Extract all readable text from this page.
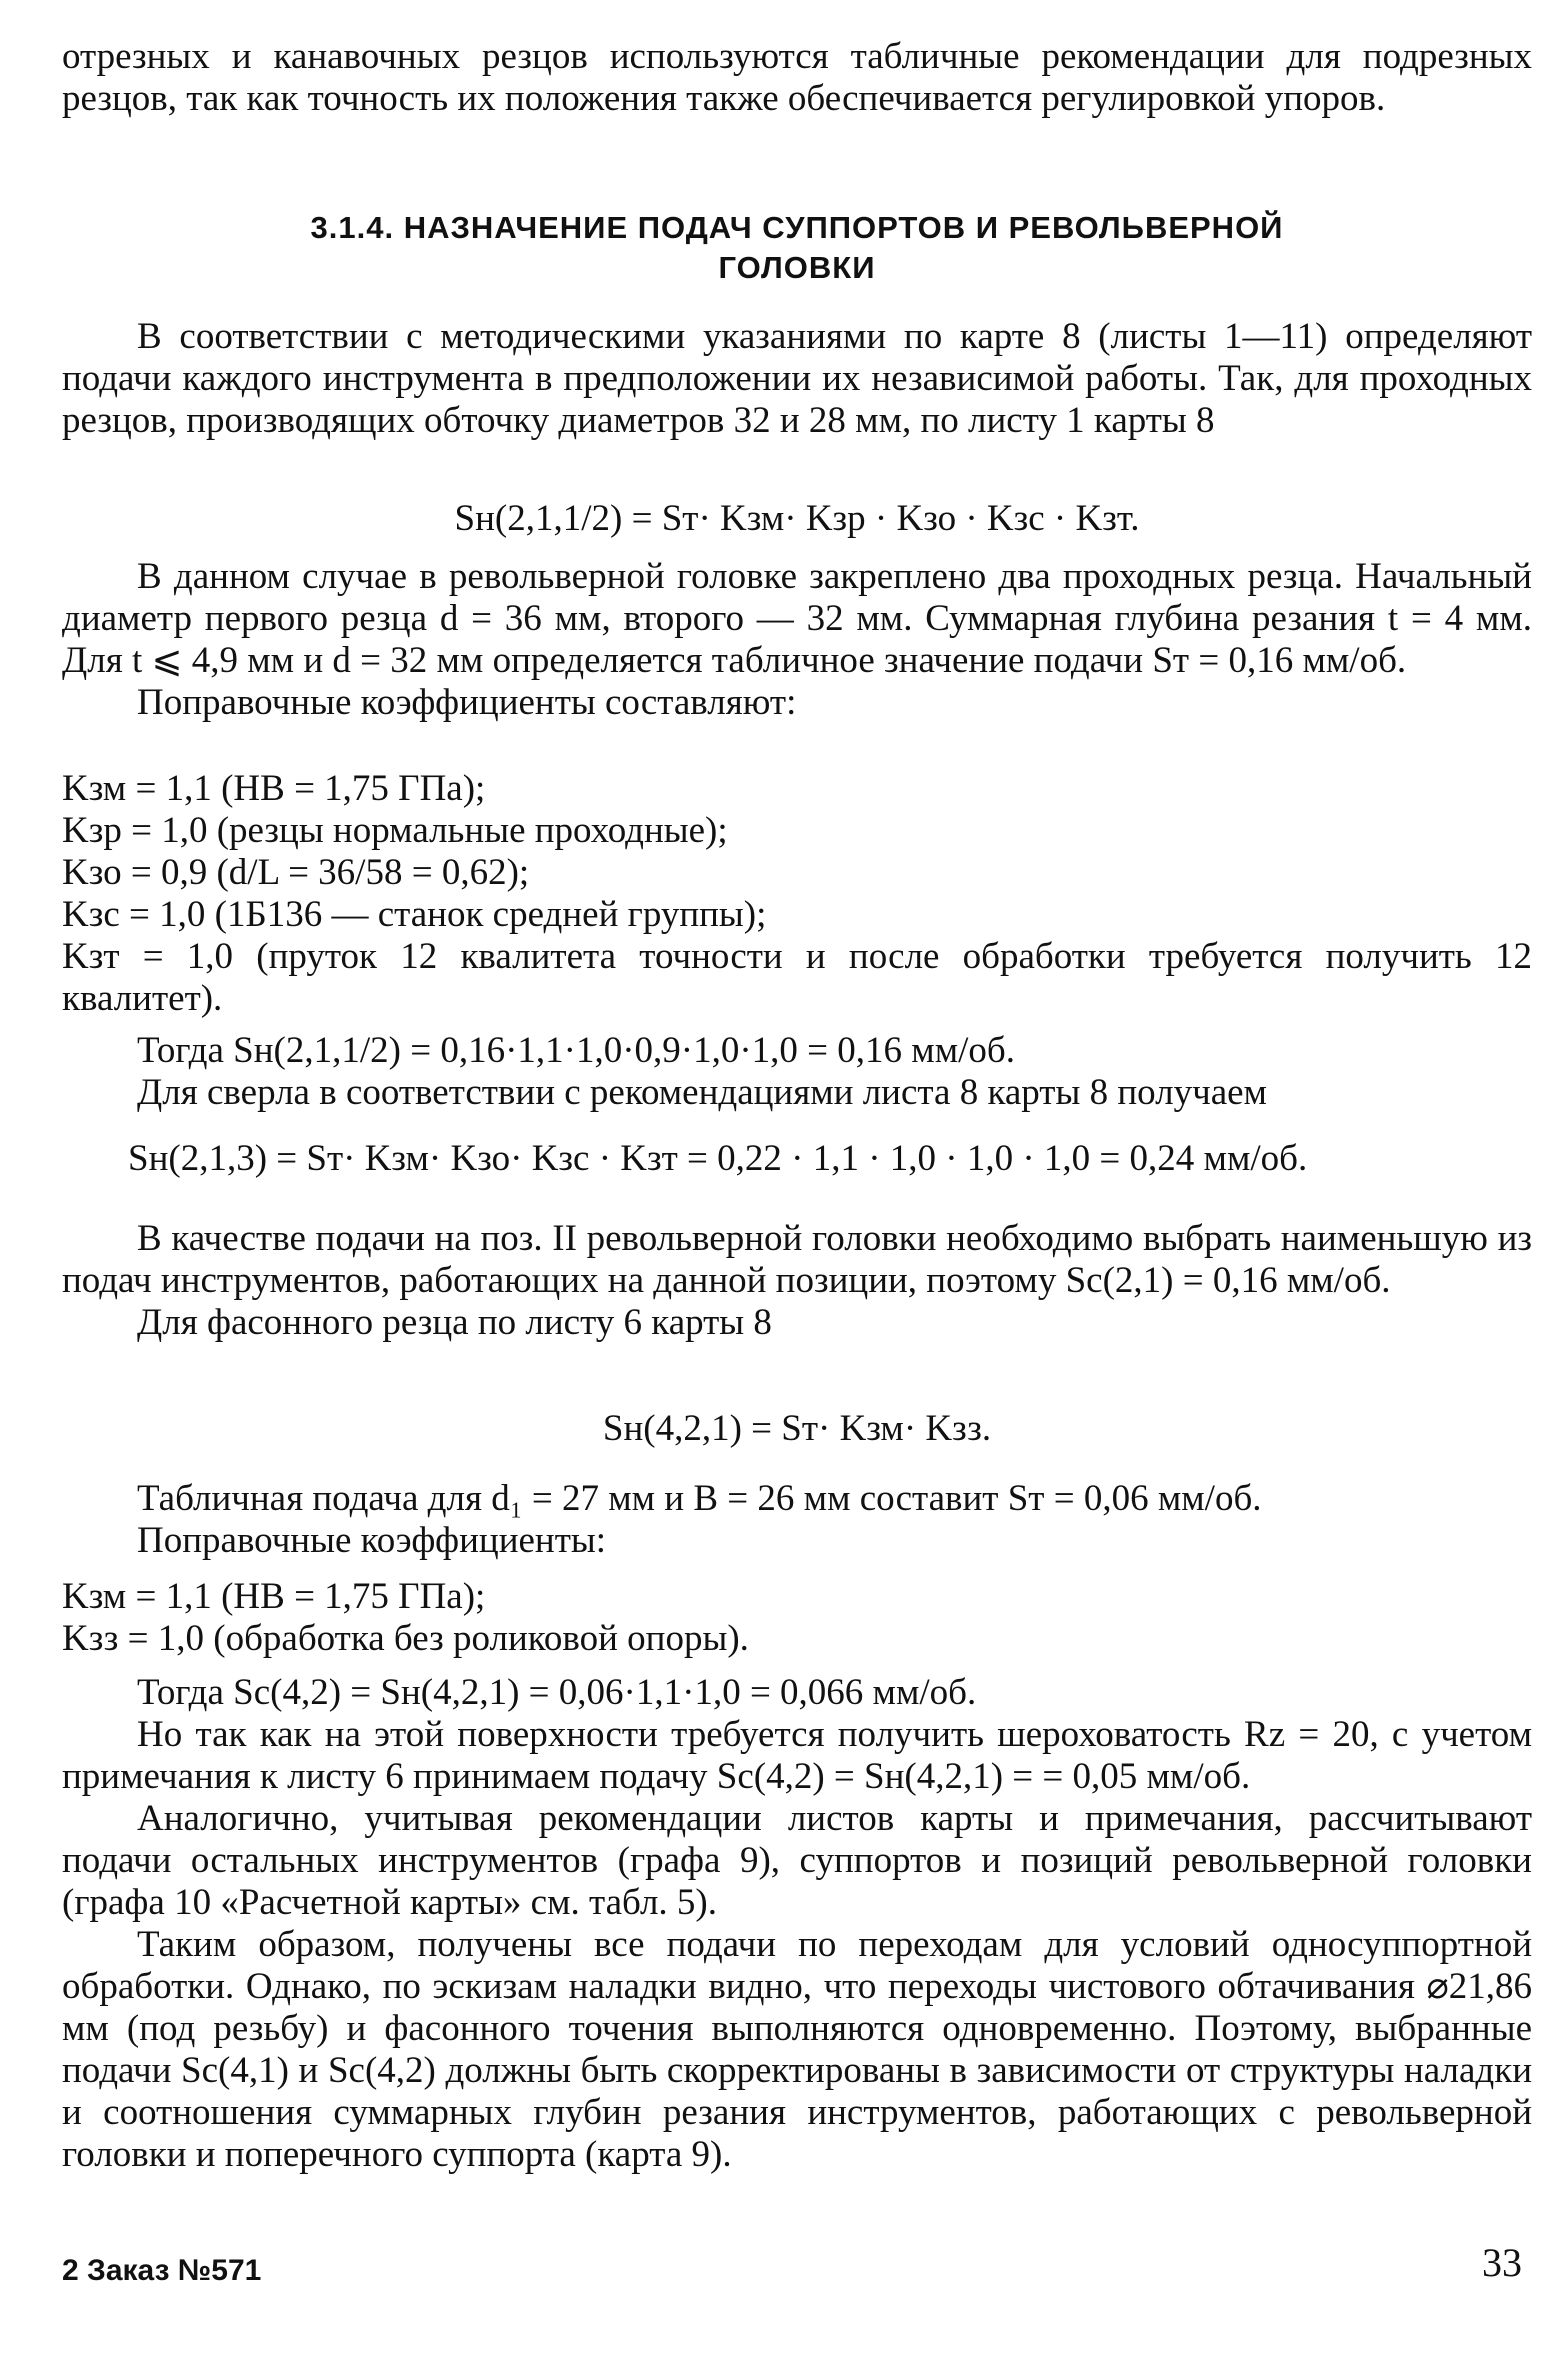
отрезных и канавочных резцов используются табличные рекомендации для подрезных резцов, так как точность их положения также обеспечивается регулировкой упоров.

3.1.4. НАЗНАЧЕНИЕ ПОДАЧ СУППОРТОВ И РЕВОЛЬВЕРНОЙ
ГОЛОВКИ

В соответствии с методическими указаниями по карте 8 (листы 1—11) определяют подачи каждого инструмента в предположении их независимой работы. Так, для проходных резцов, производящих обточку диаметров 32 и 28 мм, по листу 1 карты 8

Sн(2,1,1/2) = Sт· Kзм· Kзр · Kзо · Kзс · Kзт.

В данном случае в револьверной головке закреплено два проходных резца. Начальный диаметр первого резца d = 36 мм, второго — 32 мм. Суммарная глубина резания t = 4 мм. Для t ⩽ 4,9 мм и d = 32 мм определяется табличное значение подачи Sт = 0,16 мм/об.

Поправочные коэффициенты составляют:

Kзм = 1,1 (НВ = 1,75 ГПа);
Kзр = 1,0 (резцы нормальные проходные);
Kзо = 0,9 (d/L = 36/58 = 0,62);
Kзс = 1,0 (1Б136 — станок средней группы);

Kзт = 1,0 (пруток 12 квалитета точности и после обработки требуется получить 12 квалитет).

Тогда Sн(2,1,1/2) = 0,16·1,1·1,0·0,9·1,0·1,0 = 0,16 мм/об.

Для сверла в соответствии с рекомендациями листа 8 карты 8 получаем

Sн(2,1,3) = Sт· Kзм· Kзо· Kзс · Kзт = 0,22 · 1,1 · 1,0 · 1,0 · 1,0 = 0,24 мм/об.

В качестве подачи на поз. II револьверной головки необходимо выбрать наименьшую из подач инструментов, работающих на данной позиции, поэтому Sс(2,1) = 0,16 мм/об.

Для фасонного резца по листу 6 карты 8

Sн(4,2,1) = Sт· Kзм· Kзз.

Табличная подача для d₁ = 27 мм и B = 26 мм составит Sт = 0,06 мм/об.

Поправочные коэффициенты:

Kзм = 1,1 (НВ = 1,75 ГПа);
Kзз = 1,0 (обработка без роликовой опоры).

Тогда Sс(4,2) = Sн(4,2,1) = 0,06·1,1·1,0 = 0,066 мм/об.

Но так как на этой поверхности требуется получить шероховатость Rz = 20, с учетом примечания к листу 6 принимаем подачу Sс(4,2) = Sн(4,2,1) = = 0,05 мм/об.

Аналогично, учитывая рекомендации листов карты и примечания, рассчитывают подачи остальных инструментов (графа 9), суппортов и позиций револьверной головки (графа 10 «Расчетной карты» см. табл. 5).

Таким образом, получены все подачи по переходам для условий односуппортной обработки. Однако, по эскизам наладки видно, что переходы чистового обтачивания ⌀21,86 мм (под резьбу) и фасонного точения выполняются одновременно. Поэтому, выбранные подачи Sс(4,1) и Sс(4,2) должны быть скорректированы в зависимости от структуры наладки и соотношения суммарных глубин резания инструментов, работающих с револьверной головки и поперечного суппорта (карта 9).

2 Заказ №571	33
